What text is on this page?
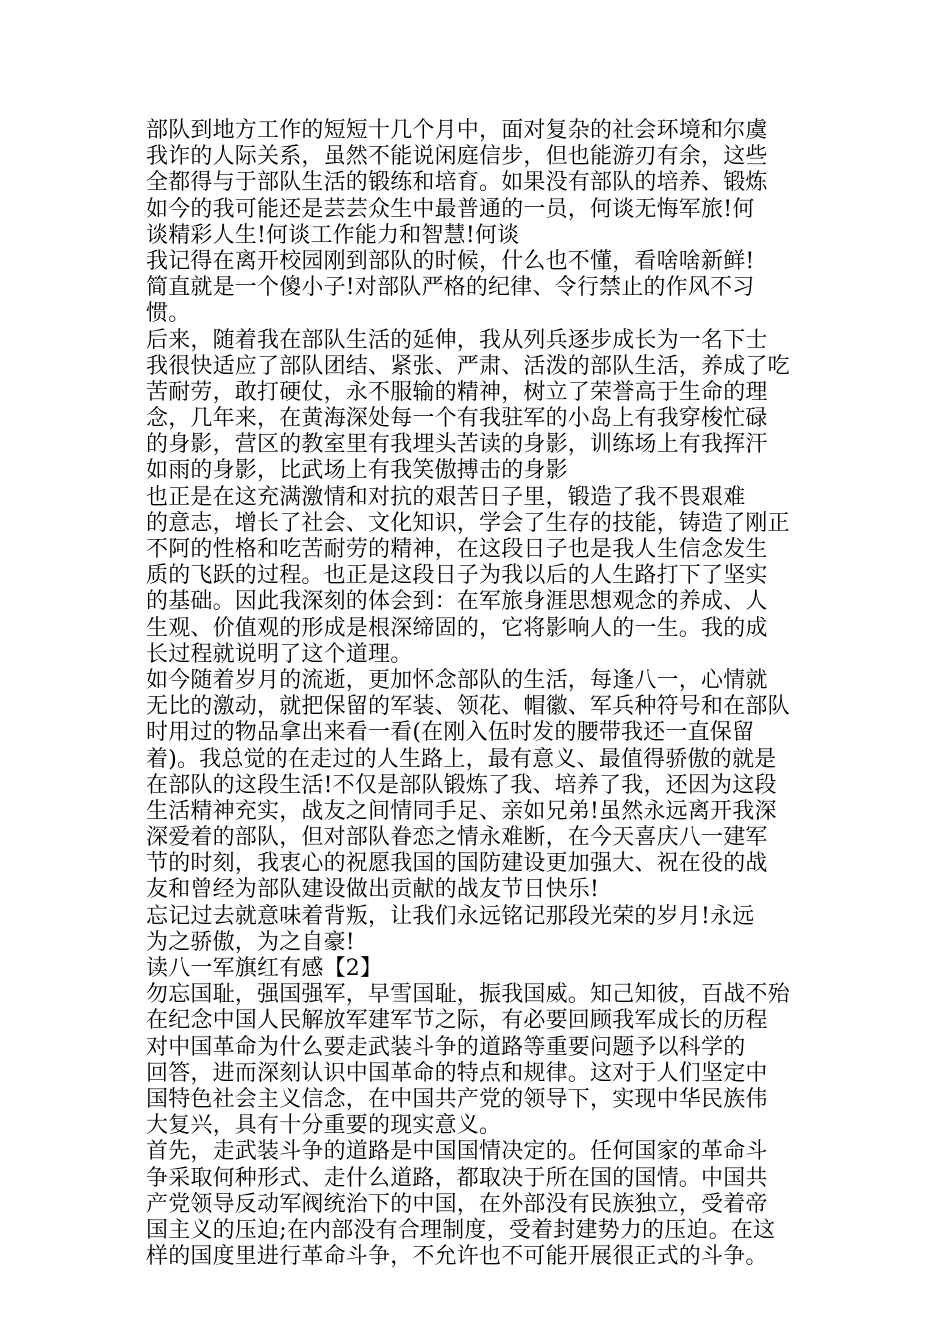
部队到地方工作的短短十几个月中，面对复杂的社会环境和尔虞
我诈的人际关系，虽然不能说闲庭信步，但也能游刃有余，这些
全都得与于部队生活的锻练和培育。如果没有部队的培养、锻炼
如今的我可能还是芸芸众生中最普通的一员，何谈无悔军旅!何
谈精彩人生!何谈工作能力和智慧!何谈
我记得在离开校园刚到部队的时候，什么也不懂，看啥啥新鲜!
简直就是一个傻小子!对部队严格的纪律、令行禁止的作风不习
惯。
后来，随着我在部队生活的延伸，我从列兵逐步成长为一名下士
我很快适应了部队团结、紧张、严肃、活泼的部队生活，养成了吃
苦耐劳，敢打硬仗，永不服输的精神，树立了荣誉高于生命的理
念，几年来，在黄海深处每一个有我驻军的小岛上有我穿梭忙碌
的身影，营区的教室里有我埋头苦读的身影，训练场上有我挥汗
如雨的身影，比武场上有我笑傲搏击的身影
也正是在这充满激情和对抗的艰苦日子里，锻造了我不畏艰难
的意志，增长了社会、文化知识，学会了生存的技能，铸造了刚正
不阿的性格和吃苦耐劳的精神，在这段日子也是我人生信念发生
质的飞跃的过程。也正是这段日子为我以后的人生路打下了坚实
的基础。因此我深刻的体会到：在军旅身涯思想观念的养成、人
生观、价值观的形成是根深缔固的，它将影响人的一生。我的成
长过程就说明了这个道理。
如今随着岁月的流逝，更加怀念部队的生活，每逢八一，心情就
无比的激动，就把保留的军装、领花、帽徽、军兵种符号和在部队
时用过的物品拿出来看一看(在刚入伍时发的腰带我还一直保留
着)。我总觉的在走过的人生路上，最有意义、最值得骄傲的就是
在部队的这段生活!不仅是部队锻炼了我、培养了我，还因为这段
生活精神充实，战友之间情同手足、亲如兄弟!虽然永远离开我深
深爱着的部队，但对部队眷恋之情永难断，在今天喜庆八一建军
节的时刻，我衷心的祝愿我国的国防建设更加强大、祝在役的战
友和曾经为部队建设做出贡献的战友节日快乐!
忘记过去就意味着背叛，让我们永远铭记那段光荣的岁月!永远
为之骄傲，为之自豪!
读八一军旗红有感【2】
勿忘国耻，强国强军，早雪国耻，振我国威。知己知彼，百战不殆
在纪念中国人民解放军建军节之际，有必要回顾我军成长的历程
对中国革命为什么要走武装斗争的道路等重要问题予以科学的
回答，进而深刻认识中国革命的特点和规律。这对于人们坚定中
国特色社会主义信念，在中国共产党的领导下，实现中华民族伟
大复兴，具有十分重要的现实意义。
首先，走武装斗争的道路是中国国情决定的。任何国家的革命斗
争采取何种形式、走什么道路，都取决于所在国的国情。中国共
产党领导反动军阀统治下的中国，在外部没有民族独立，受着帝
国主义的压迫;在内部没有合理制度，受着封建势力的压迫。在这
样的国度里进行革命斗争，不允许也不可能开展很正式的斗争。
